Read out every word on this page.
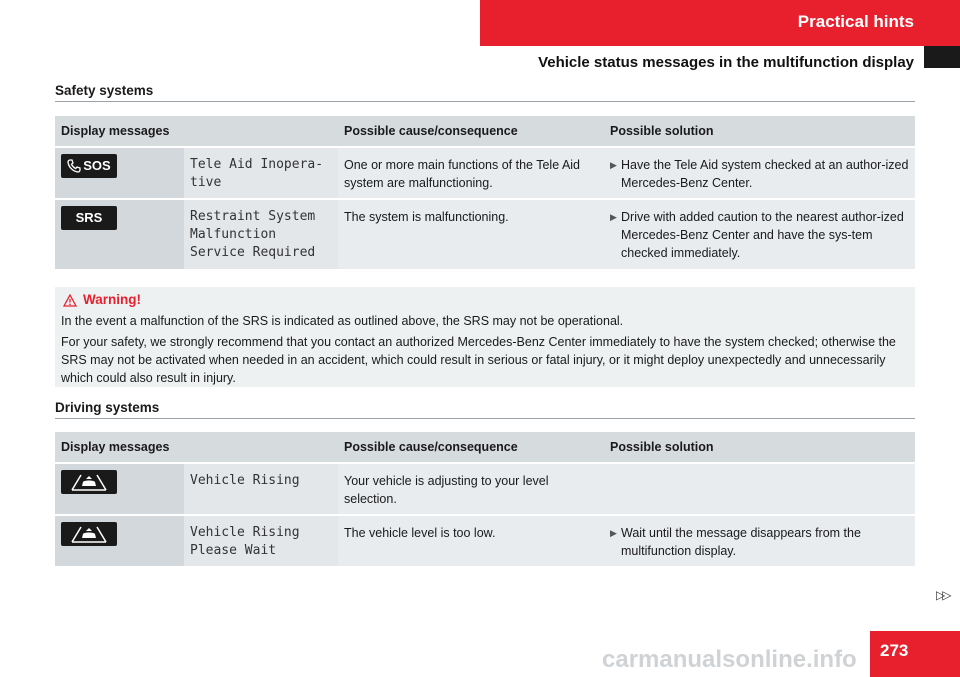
Practical hints
Vehicle status messages in the multifunction display
Safety systems
Display messages		Possible cause/consequence	Possible solution

SOS	Tele Aid Inopera-
tive	One or more main functions of the Tele Aid system are malfunctioning.	▶ Have the Tele Aid system checked at an author-ized Mercedes-Benz Center.

SRS	Restraint System
Malfunction
Service Required	The system is malfunctioning.	▶ Drive with added caution to the nearest author-ized Mercedes-Benz Center and have the sys-tem checked immediately.
Warning!

In the event a malfunction of the SRS is indicated as outlined above, the SRS may not be operational.

For your safety, we strongly recommend that you contact an authorized Mercedes-Benz Center immediately to have the system checked; otherwise the SRS may not be activated when needed in an accident, which could result in serious or fatal injury, or it might deploy unexpectedly and unnecessarily which could also result in injury.

Driving systems
Display messages		Possible cause/consequence	Possible solution

	Vehicle Rising	Your vehicle is adjusting to your level selection.	

	Vehicle Rising
Please Wait	The vehicle level is too low.	▶ Wait until the message disappears from the multifunction display.
▷▷
273
carmanualsonline.info
